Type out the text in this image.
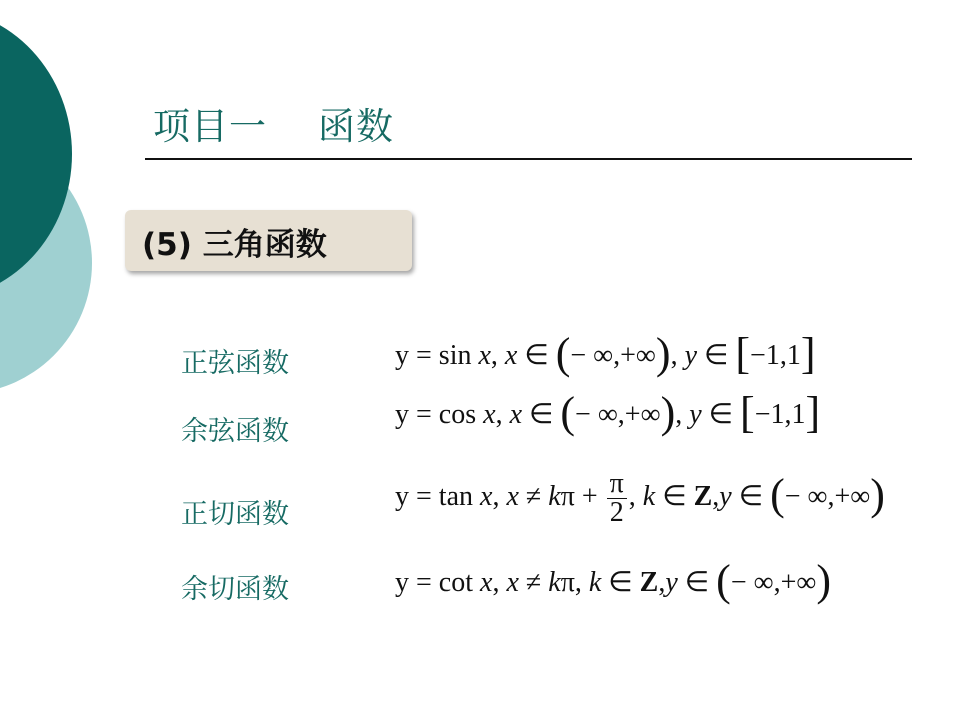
项目一    函数
(5) 三角函数
正弦函数
余弦函数
正切函数
余切函数
y = sin x, x ∈ (− ∞,+∞), y ∈ [−1,1]
y = cos x, x ∈ (− ∞,+∞), y ∈ [−1,1]
y = tan x, $x \ne k\pi + \frac{\pi}{2}$ , k ∈ Z,y ∈ (− ∞,+∞)
y = cot x, x ≠ kπ, k ∈ Z,y ∈ (− ∞,+∞)
